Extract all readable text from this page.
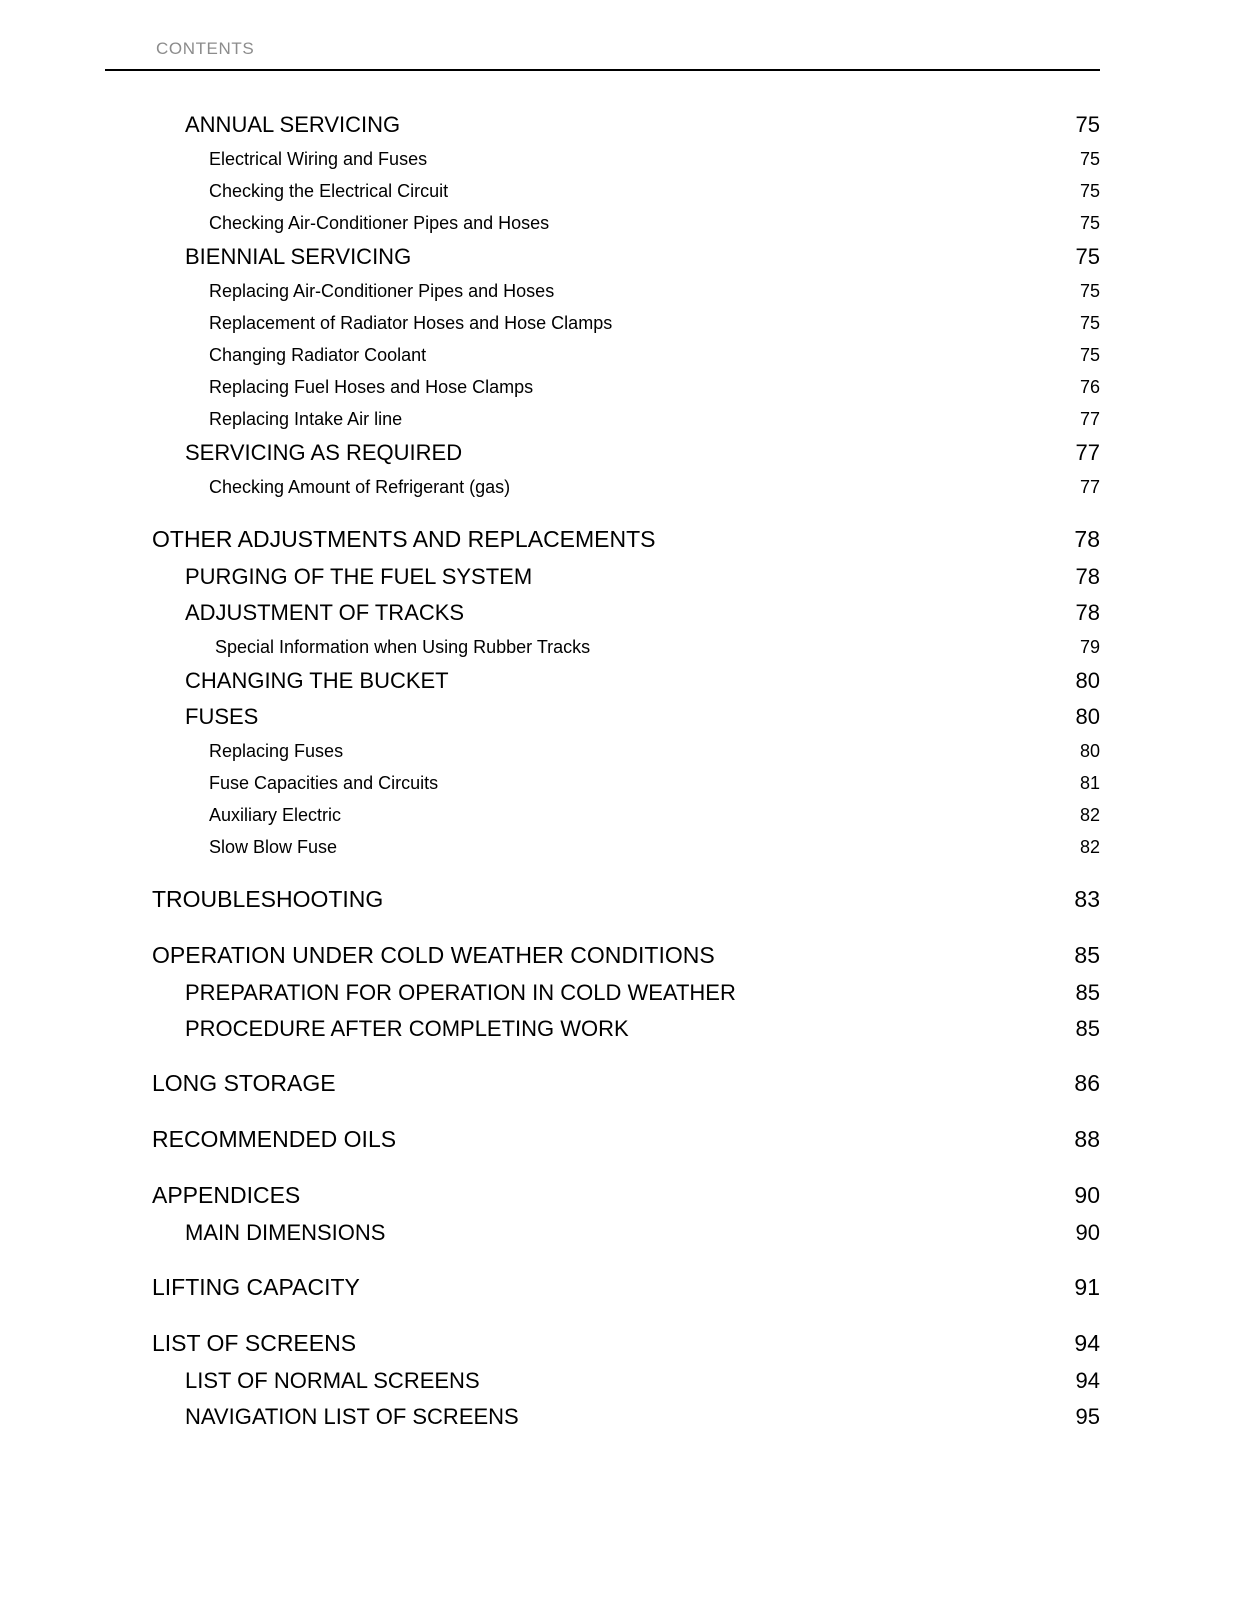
CONTENTS
ANNUAL SERVICING .....	75
Electrical Wiring and Fuses .....	75
Checking the Electrical Circuit .....	75
Checking Air-Conditioner Pipes and Hoses .....	75
BIENNIAL SERVICING .....	75
Replacing Air-Conditioner Pipes and Hoses .....	75
Replacement of Radiator Hoses and Hose Clamps .....	75
Changing Radiator Coolant .....	75
Replacing Fuel Hoses and Hose Clamps .....	76
Replacing Intake Air line .....	77
SERVICING AS REQUIRED .....	77
Checking Amount of Refrigerant (gas) .....	77
OTHER ADJUSTMENTS AND REPLACEMENTS .....	78
PURGING OF THE FUEL SYSTEM .....	78
ADJUSTMENT OF TRACKS .....	78
Special Information when Using Rubber Tracks .....	79
CHANGING THE BUCKET .....	80
FUSES .....	80
Replacing Fuses .....	80
Fuse Capacities and Circuits .....	81
Auxiliary Electric .....	82
Slow Blow Fuse .....	82
TROUBLESHOOTING .....	83
OPERATION UNDER COLD WEATHER CONDITIONS .....	85
PREPARATION FOR OPERATION IN COLD WEATHER .....	85
PROCEDURE AFTER COMPLETING WORK .....	85
LONG STORAGE .....	86
RECOMMENDED OILS .....	88
APPENDICES .....	90
MAIN DIMENSIONS .....	90
LIFTING CAPACITY .....	91
LIST OF SCREENS .....	94
LIST OF NORMAL SCREENS .....	94
NAVIGATION LIST OF SCREENS .....	95
